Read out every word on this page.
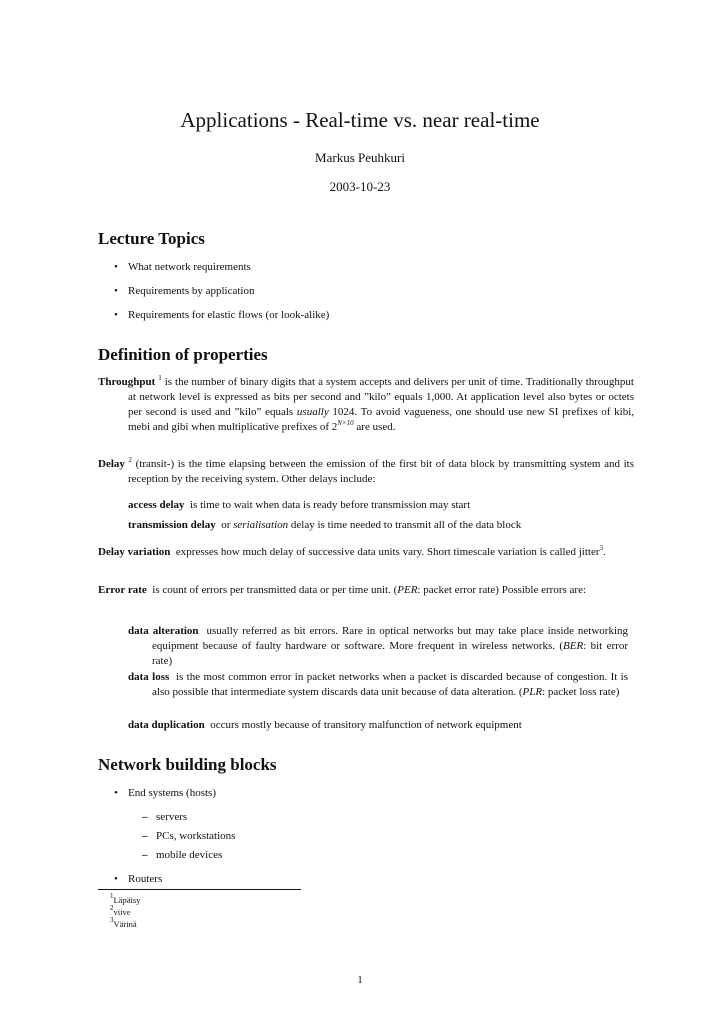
Applications - Real-time vs. near real-time
Markus Peuhkuri
2003-10-23
Lecture Topics
• What network requirements
• Requirements by application
• Requirements for elastic flows (or look-alike)
Definition of properties
Throughput $^1$ is the number of binary digits that a system accepts and delivers per unit of time. Traditionally throughput at network level is expressed as bits per second and ”kilo” equals 1,000. At application level also bytes or octets per second is used and ”kilo” equals usually 1024. To avoid vagueness, one should use new SI prefixes of kibi, mebi and gibi when multiplicative prefixes of $2^{N\times 10}$ are used.
Delay $^2$ (transit-) is the time elapsing between the emission of the first bit of data block by transmitting system and its reception by the receiving system. Other delays include:
access delay is time to wait when data is ready before transmission may start
transmission delay or serialisation delay is time needed to transmit all of the data block
Delay variation expresses how much delay of successive data units vary. Short timescale variation is called jitter$^3$.
Error rate is count of errors per transmitted data or per time unit. (PER: packet error rate) Possible errors are:
data alteration usually referred as bit errors. Rare in optical networks but may take place inside networking equipment because of faulty hardware or software. More frequent in wireless networks. (BER: bit error rate)
data loss is the most common error in packet networks when a packet is discarded because of congestion. It is also possible that intermediate system discards data unit because of data alteration. (PLR: packet loss rate)
data duplication occurs mostly because of transitory malfunction of network equipment
Network building blocks
• End systems (hosts)
– servers
– PCs, workstations
– mobile devices
• Routers
$^1$Läpäisy
$^2$viive
$^3$Värinä
1
